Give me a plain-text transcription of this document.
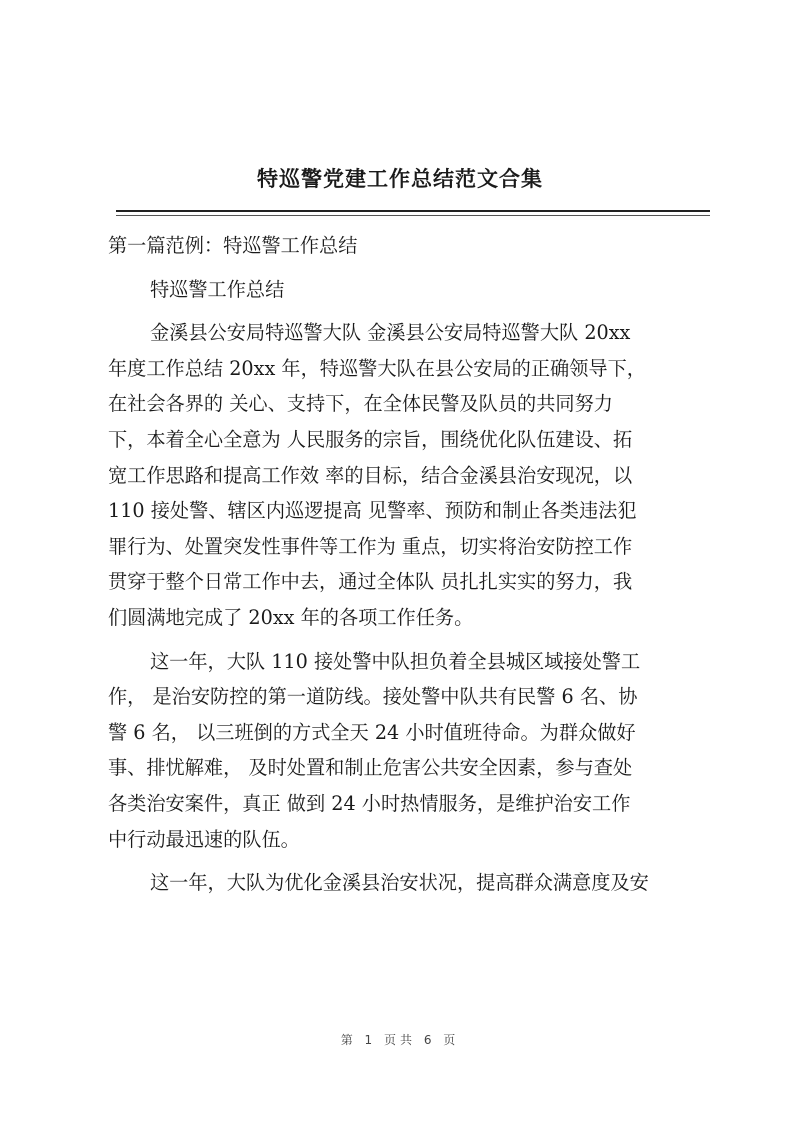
特巡警党建工作总结范文合集
第一篇范例：特巡警工作总结
特巡警工作总结
金溪县公安局特巡警大队 金溪县公安局特巡警大队 20xx
年度工作总结 20xx 年，特巡警大队在县公安局的正确领导下，
在社会各界的 关心、支持下，在全体民警及队员的共同努力
下，本着全心全意为 人民服务的宗旨，围绕优化队伍建设、拓
宽工作思路和提高工作效 率的目标，结合金溪县治安现况，以
110 接处警、辖区内巡逻提高 见警率、预防和制止各类违法犯
罪行为、处置突发性事件等工作为 重点，切实将治安防控工作
贯穿于整个日常工作中去，通过全体队 员扎扎实实的努力，我
们圆满地完成了 20xx 年的各项工作任务。
这一年，大队 110 接处警中队担负着全县城区域接处警工
作， 是治安防控的第一道防线。接处警中队共有民警 6 名、协
警 6 名， 以三班倒的方式全天 24 小时值班待命。为群众做好
事、排忧解难， 及时处置和制止危害公共安全因素，参与查处
各类治安案件，真正 做到 24 小时热情服务，是维护治安工作
中行动最迅速的队伍。
这一年，大队为优化金溪县治安状况，提高群众满意度及安
第 1 页共 6 页
